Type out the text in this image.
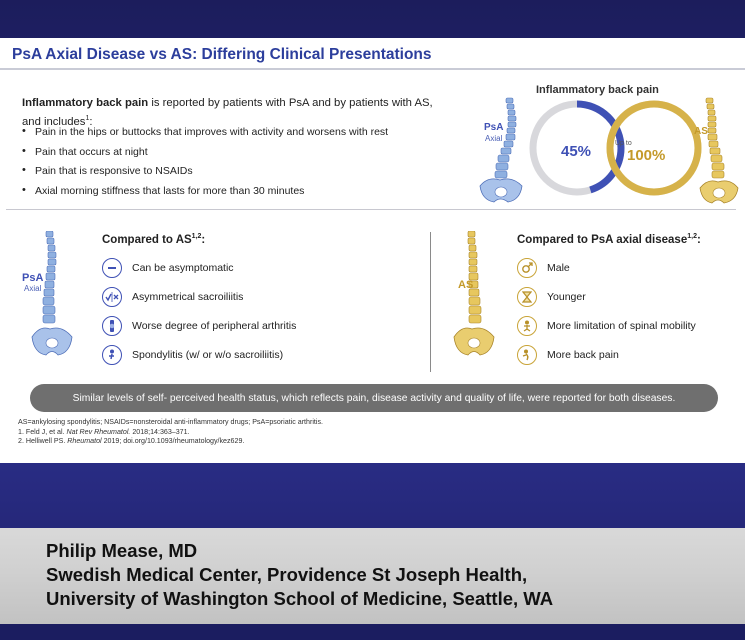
PsA Axial Disease vs AS: Differing Clinical Presentations
Inflammatory back pain is reported by patients with PsA and by patients with AS, and includes$^1$:
• Pain in the hips or buttocks that improves with activity and worsens with rest
• Pain that occurs at night
• Pain that is responsive to NSAIDs
• Axial morning stiffness that lasts for more than 30 minutes
Inflammatory back pain
PsA
Axial
45%	Up to
100%
AS
PsA
Axial
Compared to AS$^{1,2}$:
Can be asymptomatic
Asymmetrical sacroiliitis
Worse degree of peripheral arthritis
Spondylitis (w/ or w/o sacroiliitis)
AS
Compared to PsA axial disease$^{1,2}$:
Male
Younger
More limitation of spinal mobility
More back pain
Similar levels of self- perceived health status, which reflects pain, disease activity and quality of life, were reported for both diseases.
AS=ankylosing spondylitis; NSAIDs=nonsteroidal anti-inflammatory drugs; PsA=psoriatic arthritis.
1. Feld J, et al. Nat Rev Rheumatol. 2018;14:363–371.
2. Helliwell PS. Rheumatol 2019; doi.org/10.1093/rheumatology/kez629.
Philip Mease, MD
Swedish Medical Center, Providence St Joseph Health,
University of Washington School of Medicine, Seattle, WA
